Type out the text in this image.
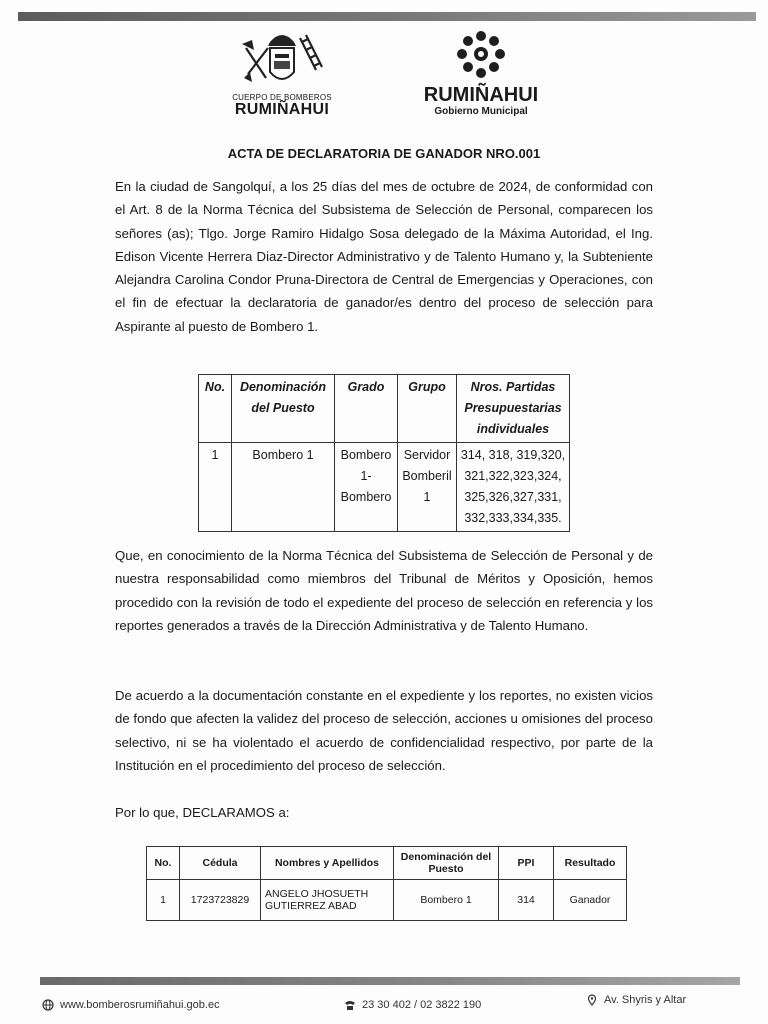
CUERPO DE BOMBEROS
RUMIÑAHUI
RUMIÑAHUI
Gobierno Municipal
ACTA DE DECLARATORIA DE GANADOR NRO.001

En la ciudad de Sangolquí, a los 25 días del mes de octubre de 2024, de conformidad con el Art. 8 de la Norma Técnica del Subsistema de Selección de Personal, comparecen los señores (as); Tlgo. Jorge Ramiro Hidalgo Sosa delegado de la Máxima Autoridad, el Ing. Edison Vicente Herrera Diaz-Director Administrativo y de Talento Humano y, la Subteniente Alejandra Carolina Condor Pruna-Directora de Central de Emergencias y Operaciones, con el fin de efectuar la declaratoria de ganador/es dentro del proceso de selección para Aspirante al puesto de Bombero 1.

No.	Denominación del Puesto	Grado	Grupo	Nros. Partidas Presupuestarias individuales
1	Bombero 1	Bombero 1-Bombero	Servidor Bomberil 1	314, 318, 319,320, 321,322,323,324, 325,326,327,331, 332,333,334,335.

Que, en conocimiento de la Norma Técnica del Subsistema de Selección de Personal y de nuestra responsabilidad como miembros del Tribunal de Méritos y Oposición, hemos procedido con la revisión de todo el expediente del proceso de selección en referencia y los reportes generados a través de la Dirección Administrativa y de Talento Humano.

De acuerdo a la documentación constante en el expediente y los reportes, no existen vicios de fondo que afecten la validez del proceso de selección, acciones u omisiones del proceso selectivo, ni se ha violentado el acuerdo de confidencialidad respectivo, por parte de la Institución en el procedimiento del proceso de selección.

Por lo que, DECLARAMOS a:

No.	Cédula	Nombres y Apellidos	Denominación del Puesto	PPI	Resultado
1	1723723829	ANGELO JHOSUETH GUTIERREZ ABAD	Bombero 1	314	Ganador
www.bomberosrumiñahui.gob.ec	23 30 402 / 02 3822 190	Av. Shyris y Altar
